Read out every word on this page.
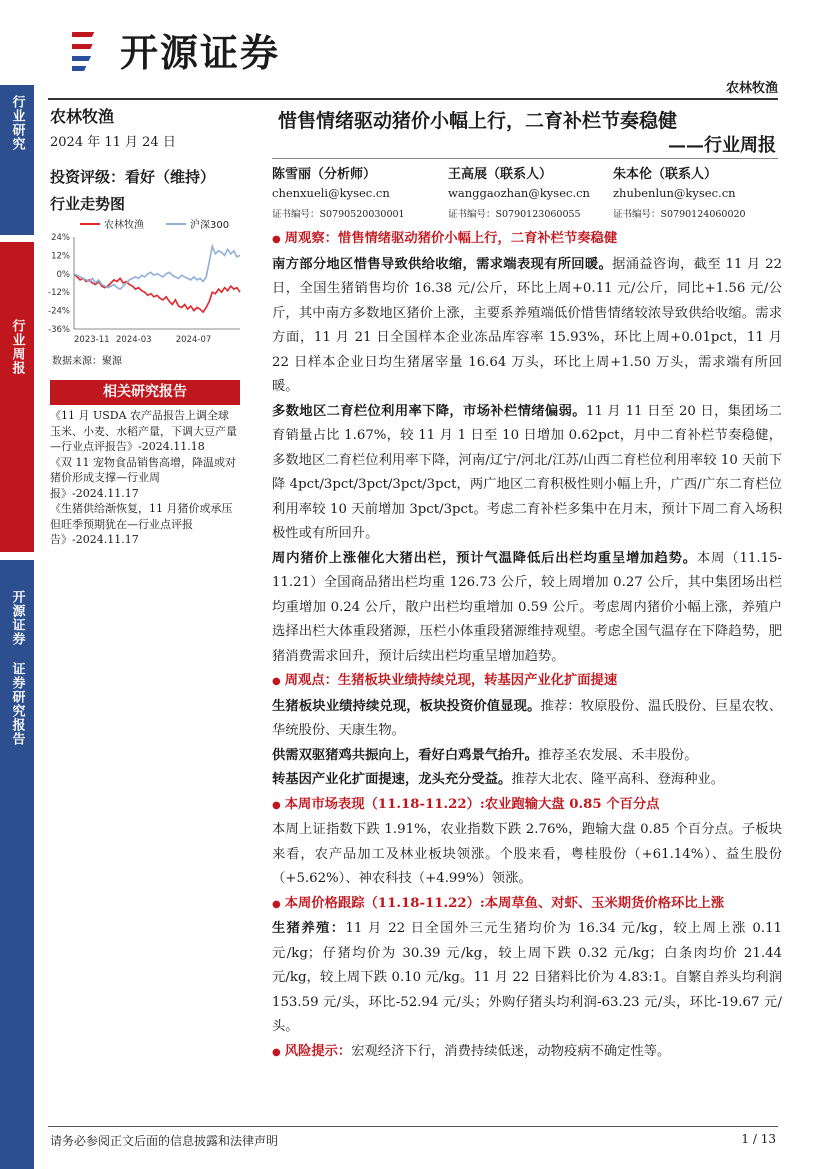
开源证券
农林牧渔
行业研究
行业周报
开源证券 证券研究报告
农林牧渔
2024 年 11 月 24 日
投资评级：看好（维持）
行业走势图
农林牧渔	沪深300
24%
12%
0%
-12%
-24%
-36%
2023-11 2024-03	2024-07
数据来源：聚源
相关研究报告
《11 月 USDA 农产品报告上调全球玉米、小麦、水稻产量，下调大豆产量—行业点评报告》-2024.11.18
《双 11 宠物食品销售高增，降温或对猪价形成支撑—行业周报》-2024.11.17
《生猪供给渐恢复，11 月猪价或承压但旺季预期犹在—行业点评报告》-2024.11.17
惜售情绪驱动猪价小幅上行，二育补栏节奏稳健
——行业周报
陈雪丽（分析师）
chenxueli@kysec.cn
证书编号：S0790520030001
王高展（联系人）
wanggaozhan@kysec.cn
证书编号：S0790123060055
朱本伦（联系人）
zhubenlun@kysec.cn
证书编号：S0790124060020

● 周观察：惜售情绪驱动猪价小幅上行，二育补栏节奏稳健

南方部分地区惜售导致供给收缩，需求端表现有所回暖。据涌益咨询，截至 11 月 22 日，全国生猪销售均价 16.38 元/公斤，环比上周+0.11 元/公斤，同比+1.56 元/公斤，其中南方多数地区猪价上涨，主要系养殖端低价惜售情绪较浓导致供给收缩。需求方面，11 月 21 日全国样本企业冻品库容率 15.93%，环比上周+0.01pct，11 月 22 日样本企业日均生猪屠宰量 16.64 万头，环比上周+1.50 万头，需求端有所回暖。

多数地区二育栏位利用率下降，市场补栏情绪偏弱。11 月 11 日至 20 日，集团场二育销量占比 1.67%，较 11 月 1 日至 10 日增加 0.62pct，月中二育补栏节奏稳健，多数地区二育栏位利用率下降，河南/辽宁/河北/江苏/山西二育栏位利用率较 10 天前下降 4pct/3pct/3pct/3pct/3pct，两广地区二育积极性则小幅上升，广西/广东二育栏位利用率较 10 天前增加 3pct/3pct。考虑二育补栏多集中在月末，预计下周二育入场积极性或有所回升。

周内猪价上涨催化大猪出栏，预计气温降低后出栏均重呈增加趋势。本周（11.15-11.21）全国商品猪出栏均重 126.73 公斤，较上周增加 0.27 公斤，其中集团场出栏均重增加 0.24 公斤，散户出栏均重增加 0.59 公斤。考虑周内猪价小幅上涨，养殖户选择出栏大体重段猪源，压栏小体重段猪源维持观望。考虑全国气温存在下降趋势，肥猪消费需求回升，预计后续出栏均重呈增加趋势。

● 周观点：生猪板块业绩持续兑现，转基因产业化扩面提速

生猪板块业绩持续兑现，板块投资价值显现。推荐：牧原股份、温氏股份、巨星农牧、华统股份、天康生物。

供需双驱猪鸡共振向上，看好白鸡景气抬升。推荐圣农发展、禾丰股份。

转基因产业化扩面提速，龙头充分受益。推荐大北农、隆平高科、登海种业。

● 本周市场表现（11.18-11.22）:农业跑输大盘 0.85 个百分点

本周上证指数下跌 1.91%，农业指数下跌 2.76%，跑输大盘 0.85 个百分点。子板块来看，农产品加工及林业板块领涨。个股来看，粤桂股份（+61.14%）、益生股份（+5.62%）、神农科技（+4.99%）领涨。

● 本周价格跟踪（11.18-11.22）:本周草鱼、对虾、玉米期货价格环比上涨

生猪养殖：11 月 22 日全国外三元生猪均价为 16.34 元/kg，较上周上涨 0.11 元/kg；仔猪均价为 30.39 元/kg，较上周下跌 0.32 元/kg；白条肉均价 21.44 元/kg，较上周下跌 0.10 元/kg。11 月 22 日猪料比价为 4.83:1。自繁自养头均利润 153.59 元/头，环比-52.94 元/头；外购仔猪头均利润-63.23 元/头，环比-19.67 元/头。

● 风险提示：宏观经济下行，消费持续低迷，动物疫病不确定性等。

请务必参阅正文后面的信息披露和法律声明	1 / 13
